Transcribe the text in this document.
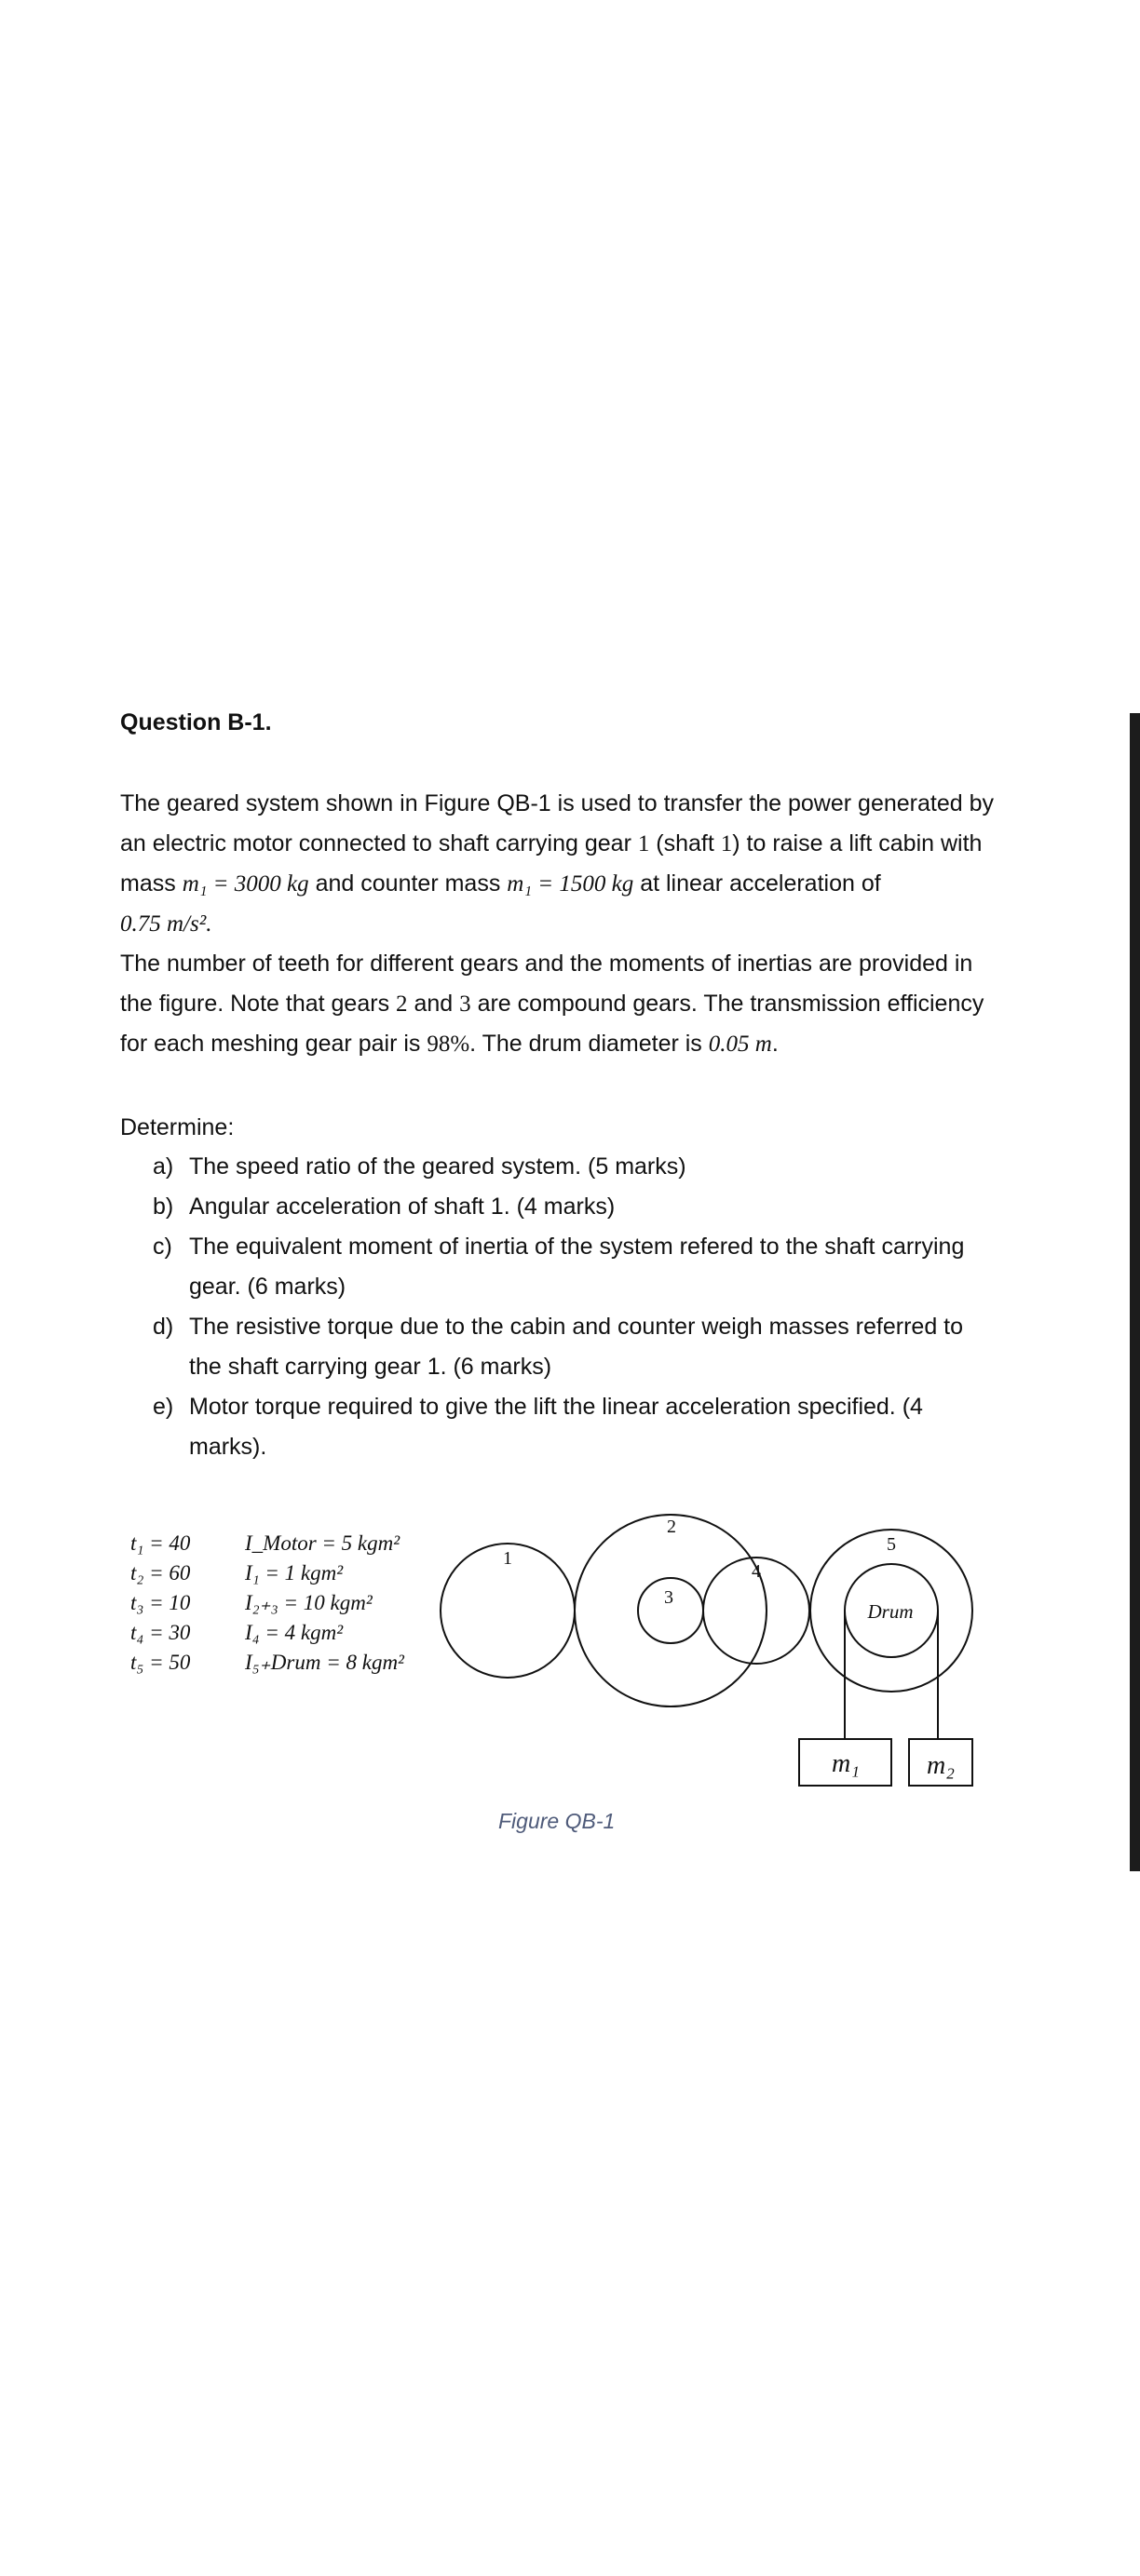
Question B-1.
The geared system shown in Figure QB-1 is used to transfer the power generated by
an electric motor connected to shaft carrying gear 1 (shaft 1) to raise a lift cabin with
mass m₁ = 3000 kg and counter mass m₁ = 1500 kg at linear acceleration of
0.75 m/s².
The number of teeth for different gears and the moments of inertias are provided in
the figure. Note that gears 2 and 3 are compound gears. The transmission efficiency
for each meshing gear pair is 98%. The drum diameter is 0.05 m.
Determine:
a) The speed ratio of the geared system. (5 marks)
b) Angular acceleration of shaft 1. (4 marks)
c) The equivalent moment of inertia of the system refered to the shaft carrying
gear. (6 marks)
d) The resistive torque due to the cabin and counter weigh masses referred to
the shaft carrying gear 1. (6 marks)
e) Motor torque required to give the lift the linear acceleration specified. (4
marks).
t₁ = 40
t₂ = 60
t₃ = 10
t₄ = 30
t₅ = 50
I_Motor = 5 kgm²
I₁ = 1 kgm²
I₂₊₃ = 10 kgm²
I₄ = 4 kgm²
I₅₊Drum = 8 kgm²
1
2
3
4
5
Drum
m₁	m₂
Figure QB-1
